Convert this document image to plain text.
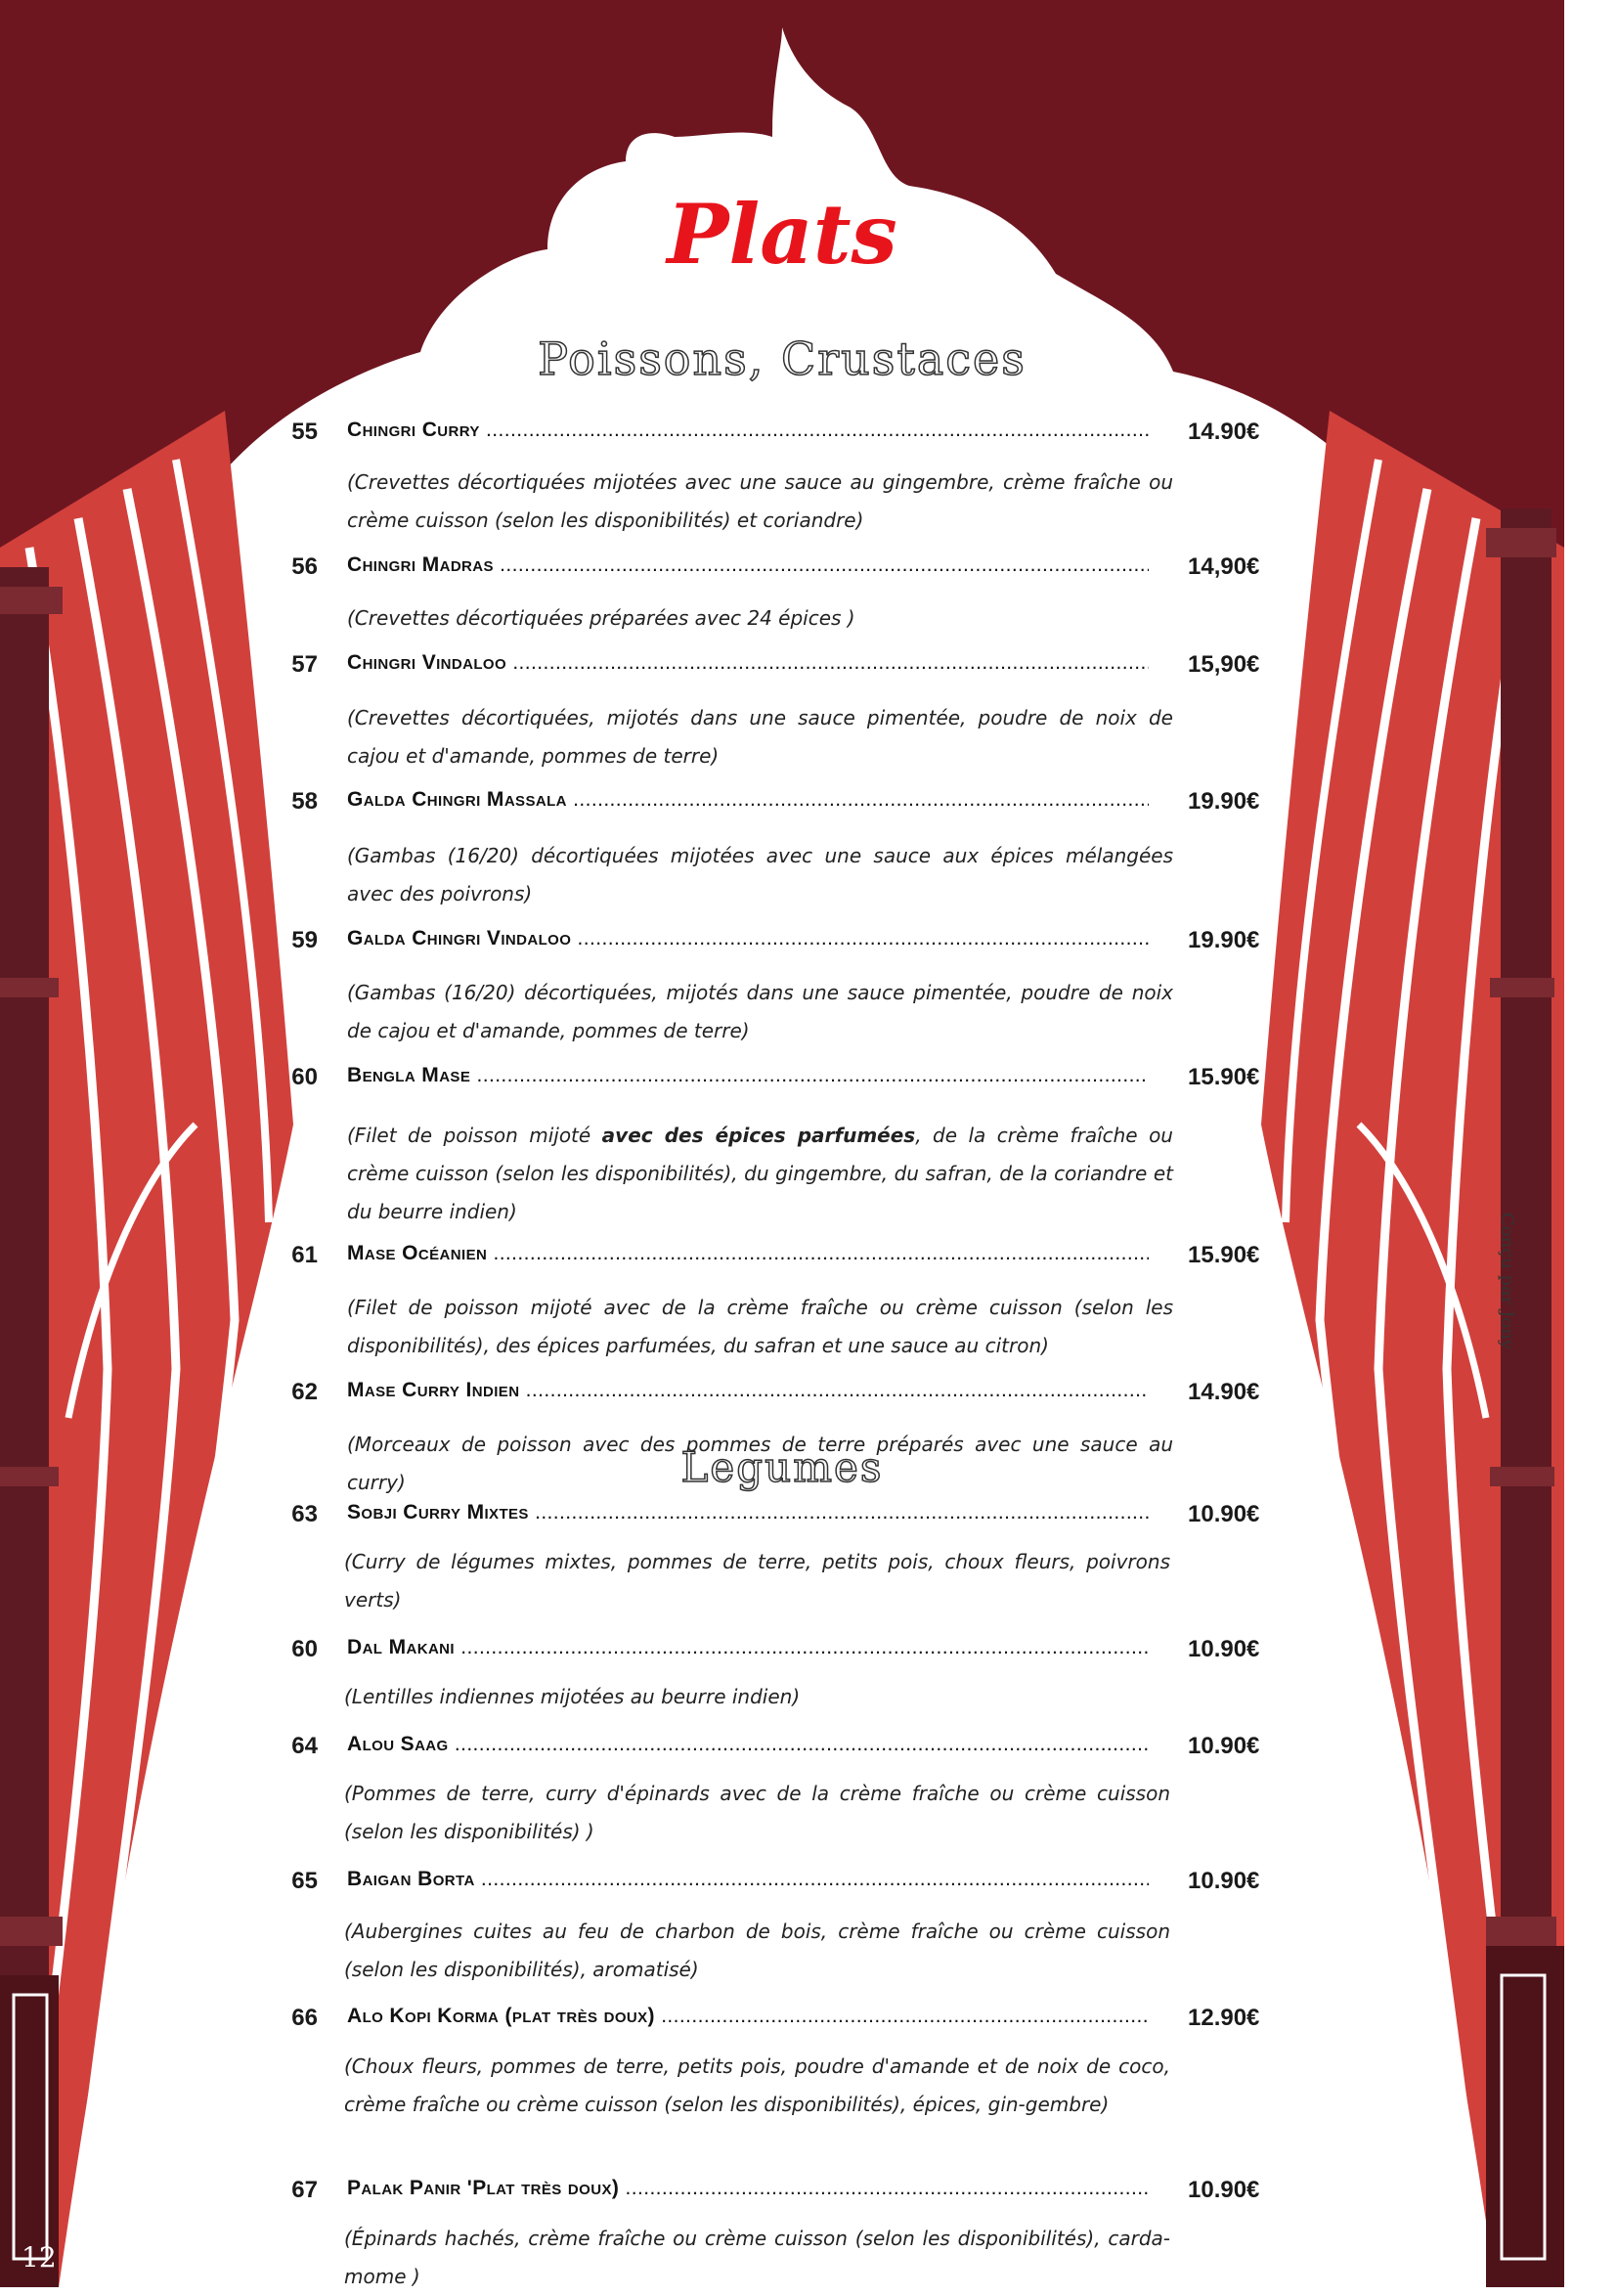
Plats
Poissons, Crustaces
55 Chingri Curry .....	14.90€
(Crevettes décortiquées mijotées avec une sauce au gingembre, crème fraîche ou crème cuisson (selon les disponibilités) et coriandre)
56 Chingri Madras .....	14,90€
(Crevettes décortiquées préparées avec 24 épices )
57 Chingri Vindaloo .....	15,90€
(Crevettes décortiquées, mijotés dans une sauce pimentée, poudre de noix de cajou et d'amande, pommes de terre)
58 Galda Chingri Massala .....	19.90€
(Gambas (16/20) décortiquées mijotées avec une sauce aux épices mélangées avec des poivrons)
59 Galda Chingri Vindaloo .....	19.90€
(Gambas (16/20) décortiquées, mijotés dans une sauce pimentée, poudre de noix de cajou et d'amande, pommes de terre)
60 Bengla Mase .....	15.90€
(Filet de poisson mijoté avec des épices parfumées, de la crème fraîche ou crème cuisson (selon les disponibilités), du gingembre, du safran, de la coriandre et du beurre indien)
61 Mase Océanien .....	15.90€
(Filet de poisson mijoté avec de la crème fraîche ou crème cuisson (selon les disponibilités), des épices parfumées, du safran et une sauce au citron)
62 Mase Curry Indien .....	14.90€
(Morceaux de poisson avec des pommes de terre préparés avec une sauce au curry)	Legumes
63 Sobji Curry Mixtes .....	10.90€
(Curry de légumes mixtes, pommes de terre, petits pois, choux fleurs, poivrons verts)
60 Dal Makani .....	10.90€
(Lentilles indiennes mijotées au beurre indien)
64 Alou Saag .....	10.90€
(Pommes de terre, curry d'épinards avec de la crème fraîche ou crème cuisson (selon les disponibilités) )
65 Baigan Borta .....	10.90€
(Aubergines cuites au feu de charbon de bois, crème fraîche ou crème cuisson (selon les disponibilités), aromatisé)
66 Alo Kopi Korma (plat très doux) .....	12.90€
(Choux fleurs, pommes de terre, petits pois, poudre d'amande et de noix de coco, crème fraîche ou crème cuisson (selon les disponibilités), épices, gin-gembre)
67 Palak Panir 'Plat très doux) .....	10.90€
(Épinards hachés, crème fraîche ou crème cuisson (selon les disponibilités), carda-mome )
12
Conçu par Jony
